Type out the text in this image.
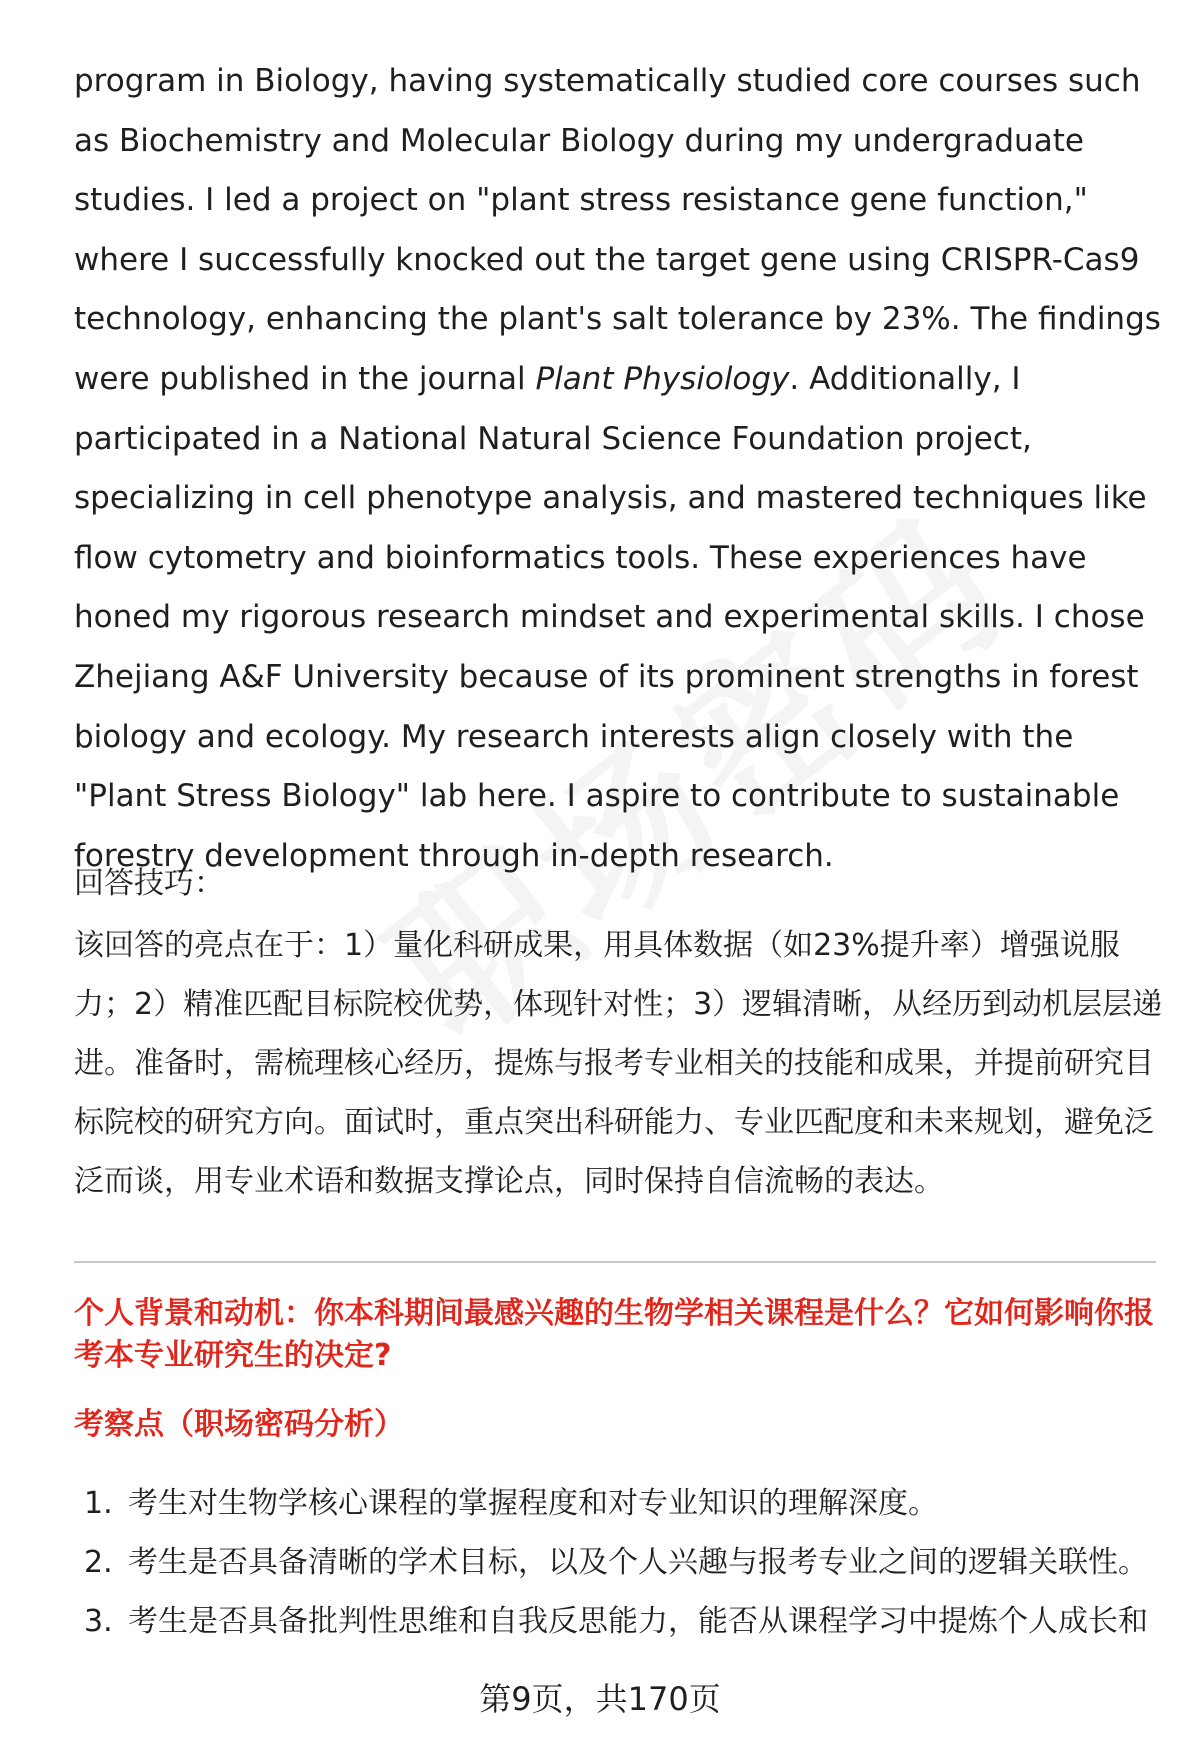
program in Biology, having systematically studied core courses such as Biochemistry and Molecular Biology during my undergraduate studies. I led a project on "plant stress resistance gene function," where I successfully knocked out the target gene using CRISPR-Cas9 technology, enhancing the plant's salt tolerance by 23%. The findings were published in the journal Plant Physiology. Additionally, I participated in a National Natural Science Foundation project, specializing in cell phenotype analysis, and mastered techniques like flow cytometry and bioinformatics tools. These experiences have honed my rigorous research mindset and experimental skills. I chose Zhejiang A&F University because of its prominent strengths in forest biology and ecology. My research interests align closely with the "Plant Stress Biology" lab here. I aspire to contribute to sustainable forestry development through in-depth research.

回答技巧：

该回答的亮点在于：1）量化科研成果，用具体数据（如23%提升率）增强说服力；2）精准匹配目标院校优势，体现针对性；3）逻辑清晰，从经历到动机层层递进。准备时，需梳理核心经历，提炼与报考专业相关的技能和成果，并提前研究目标院校的研究方向。面试时，重点突出科研能力、专业匹配度和未来规划，避免泛泛而谈，用专业术语和数据支撑论点，同时保持自信流畅的表达。

个人背景和动机：你本科期间最感兴趣的生物学相关课程是什么？它如何影响你报考本专业研究生的决定?
考察点（职场密码分析）
1. 考生对生物学核心课程的掌握程度和对专业知识的理解深度。
2. 考生是否具备清晰的学术目标，以及个人兴趣与报考专业之间的逻辑关联性。
3. 考生是否具备批判性思维和自我反思能力，能否从课程学习中提炼个人成长和
第9页，共170页
